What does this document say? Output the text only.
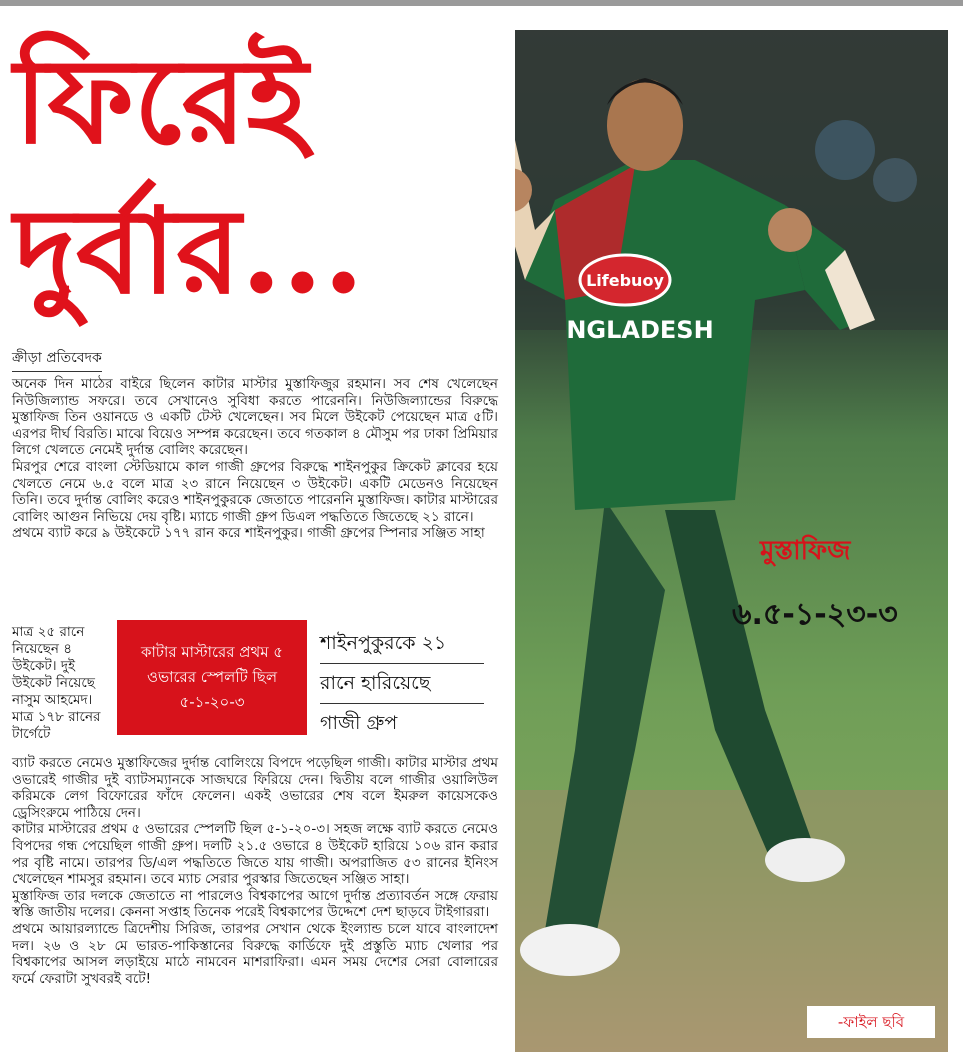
ফিরেই
দুর্বার...
ক্রীড়া প্রতিবেদক

অনেক দিন মাঠের বাইরে ছিলেন কাটার মাস্টার মুস্তাফিজুর রহমান। সব শেষ খেলেছেন নিউজিল্যান্ড সফরে। তবে সেখানেও সুবিধা করতে পারেননি। নিউজিল্যান্ডের বিরুদ্ধে মুস্তাফিজ তিন ওয়ানডে ও একটি টেস্ট খেলেছেন। সব মিলে উইকেট পেয়েছেন মাত্র ৫টি। এরপর দীর্ঘ বিরতি। মাঝে বিয়েও সম্পন্ন করেছেন। তবে গতকাল ৪ মৌসুম পর ঢাকা প্রিমিয়ার লিগে খেলতে নেমেই দুর্দান্ত বোলিং করেছেন।

মিরপুর শেরে বাংলা স্টেডিয়ামে কাল গাজী গ্রুপের বিরুদ্ধে শাইনপুকুর ক্রিকেট ক্লাবের হয়ে খেলতে নেমে ৬.৫ বলে মাত্র ২৩ রানে নিয়েছেন ৩ উইকেট। একটি মেডেনও নিয়েছেন তিনি। তবে দুর্দান্ত বোলিং করেও শাইনপুকুরকে জেতাতে পারেননি মুস্তাফিজ। কাটার মাস্টারের বোলিং আগুন নিভিয়ে দেয় বৃষ্টি। ম্যাচে গাজী গ্রুপ ডিএল পদ্ধতিতে জিতেছে ২১ রানে।

প্রথমে ব্যাট করে ৯ উইকেটে ১৭৭ রান করে শাইনপুকুর। গাজী গ্রুপের স্পিনার সঞ্জিত সাহা

মাত্র ২৫ রানে নিয়েছেন ৪ উইকেট। দুই উইকেট নিয়েছে নাসুম আহমেদ। মাত্র ১৭৮ রানের টার্গেটে
কাটার মাস্টারের প্রথম ৫ ওভারের স্পেলটি ছিল ৫-১-২০-৩
শাইনপুকুরকে ২১
রানে হারিয়েছে
গাজী গ্রুপ

ব্যাট করতে নেমেও মুস্তাফিজের দুর্দান্ত বোলিংয়ে বিপদে পড়েছিল গাজী। কাটার মাস্টার প্রথম ওভারেই গাজীর দুই ব্যাটসম্যানকে সাজঘরে ফিরিয়ে দেন। দ্বিতীয় বলে গাজীর ওয়ালিউল করিমকে লেগ বিফোরের ফাঁদে ফেলেন। একই ওভারের শেষ বলে ইমরুল কায়েসকেও ড্রেসিংরুমে পাঠিয়ে দেন।

কাটার মাস্টারের প্রথম ৫ ওভারের স্পেলটি ছিল ৫-১-২০-৩। সহজ লক্ষে ব্যাট করতে নেমেও বিপদের গন্ধ পেয়েছিল গাজী গ্রুপ। দলটি ২১.৫ ওভারে ৪ উইকেট হারিয়ে ১০৬ রান করার পর বৃষ্টি নামে। তারপর ডি/এল পদ্ধতিতে জিতে যায় গাজী। অপরাজিত ৫৩ রানের ইনিংস খেলেছেন শামসুর রহমান। তবে ম্যাচ সেরার পুরস্কার জিতেছেন সঞ্জিত সাহা।

মুস্তাফিজ তার দলকে জেতাতে না পারলেও বিশ্বকাপের আগে দুর্দান্ত প্রত্যাবর্তন সঙ্গে ফেরায় স্বস্তি জাতীয় দলের। কেননা সপ্তাহ তিনেক পরেই বিশ্বকাপের উদ্দেশে দেশ ছাড়বে টাইগাররা।

প্রথমে আয়ারল্যান্ডে ত্রিদেশীয় সিরিজ, তারপর সেখান থেকে ইংল্যান্ড চলে যাবে বাংলাদেশ দল। ২৬ ও ২৮ মে ভারত-পাকিস্তানের বিরুদ্ধে কার্ডিফে দুই প্রস্তুতি ম্যাচ খেলার পর বিশ্বকাপের আসল লড়াইয়ে মাঠে নামবেন মাশরাফিরা। এমন সময় দেশের সেরা বোলারের ফর্মে ফেরাটা সুখবরই বটে!

Lifebuoy
NGLADESH
মুস্তাফিজ
৬.৫-১-২৩-৩
-ফাইল ছবি
